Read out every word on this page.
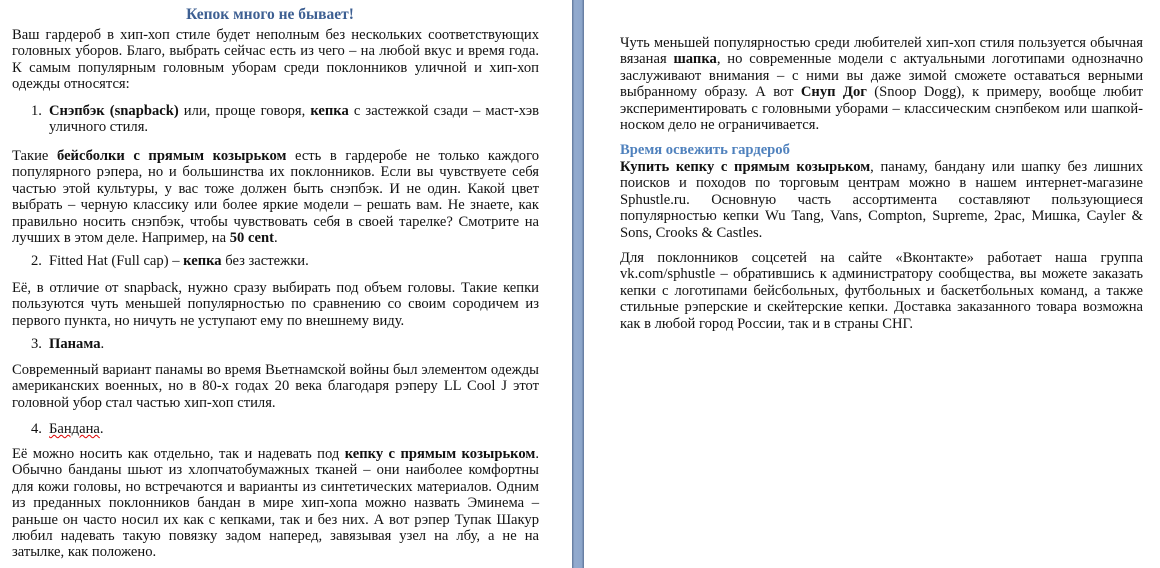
Кепок много не бывает!
Ваш гардероб в хип-хоп стиле будет неполным без нескольких соответствующих головных уборов. Благо, выбрать сейчас есть из чего – на любой вкус и время года. К самым популярным головным уборам среди поклонников уличной и хип-хоп одежды относятся:
1. Снэпбэк (snapback) или, проще говоря, кепка с застежкой сзади – маст-хэв уличного стиля.
Такие бейсболки с прямым козырьком есть в гардеробе не только каждого популярного рэпера, но и большинства их поклонников. Если вы чувствуете себя частью этой культуры, у вас тоже должен быть снэпбэк. И не один. Какой цвет выбрать – черную классику или более яркие модели – решать вам. Не знаете, как правильно носить снэпбэк, чтобы чувствовать себя в своей тарелке? Смотрите на лучших в этом деле. Например, на 50 cent.
2. Fitted Hat (Full cap) – кепка без застежки.
Её, в отличие от snapback, нужно сразу выбирать под объем головы. Такие кепки пользуются чуть меньшей популярностью по сравнению со своим сородичем из первого пункта, но ничуть не уступают ему по внешнему виду.
3. Панама.
Современный вариант панамы во время Вьетнамской войны был элементом одежды американских военных, но в 80-х годах 20 века благодаря рэперу LL Cool J этот головной убор стал частью хип-хоп стиля.
4. Бандана.
Её можно носить как отдельно, так и надевать под кепку с прямым козырьком. Обычно банданы шьют из хлопчатобумажных тканей – они наиболее комфортны для кожи головы, но встречаются и варианты из синтетических материалов. Одним из преданных поклонников бандан в мире хип-хопа можно назвать Эминема – раньше он часто носил их как с кепками, так и без них. А вот рэпер Тупак Шакур любил надевать такую повязку задом наперед, завязывая узел на лбу, а не на затылке, как положено.
Чуть меньшей популярностью среди любителей хип-хоп стиля пользуется обычная вязаная шапка, но современные модели с актуальными логотипами однозначно заслуживают внимания – с ними вы даже зимой сможете оставаться верными выбранному образу. А вот Снуп Дог (Snoop Dogg), к примеру, вообще любит экспериментировать с головными уборами – классическим снэпбеком или шапкой-носком дело не ограничивается.
Время освежить гардероб
Купить кепку с прямым козырьком, панаму, бандану или шапку без лишних поисков и походов по торговым центрам можно в нашем интернет-магазине Sphustle.ru. Основную часть ассортимента составляют пользующиеся популярностью кепки Wu Tang, Vans, Compton, Supreme, 2pac, Мишка, Cayler & Sons, Crooks & Castles.
Для поклонников соцсетей на сайте «Вконтакте» работает наша группа vk.com/sphustle – обратившись к администратору сообщества, вы можете заказать кепки с логотипами бейсбольных, футбольных и баскетбольных команд, а также стильные рэперские и скейтерские кепки. Доставка заказанного товара возможна как в любой город России, так и в страны СНГ.
